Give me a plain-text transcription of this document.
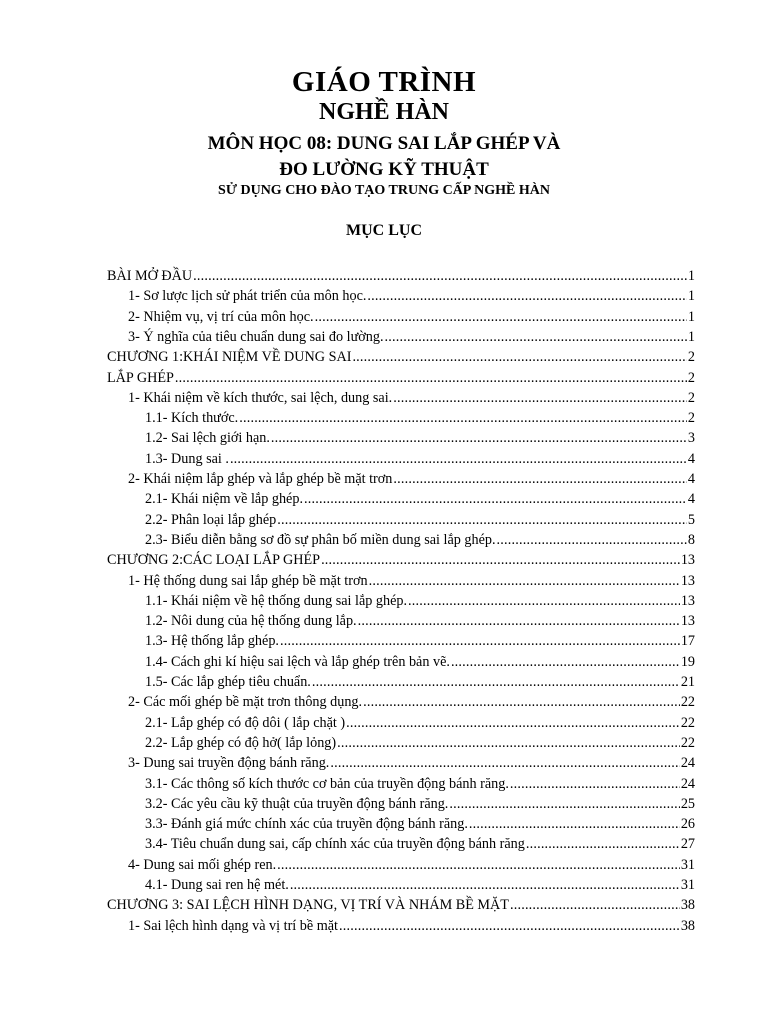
GIÁO TRÌNH
NGHỀ HÀN
MÔN HỌC 08: DUNG SAI LẮP GHÉP VÀ
ĐO LƯỜNG KỸ THUẬT
SỬ DỤNG CHO ĐÀO TẠO TRUNG CẤP NGHỀ HÀN
MỤC LỤC
BÀI MỞ ĐẦU .....	1
1- Sơ lược lịch sử phát triển của môn học. .....	1
2- Nhiệm vụ, vị trí của môn học. .....	1
3- Ý nghĩa của tiêu chuẩn dung sai đo lường. .....	1
CHƯƠNG 1:KHÁI NIỆM VỀ DUNG SAI .....	2
LẮP GHÉP .....	2
1- Khái niệm về kích thước, sai lệch, dung sai. .....	2
1.1- Kích thước. .....	2
1.2- Sai lệch giới hạn. .....	3
1.3- Dung sai . .....	4
2- Khái niệm lắp ghép và lắp ghép bề mặt trơn .....	4
2.1- Khái niệm về lắp ghép. .....	4
2.2- Phân loại lắp ghép .....	5
2.3- Biểu diễn bằng sơ đồ sự phân bố miền dung sai lắp ghép. .....	8
CHƯƠNG 2:CÁC LOẠI LẮP GHÉP .....	13
1- Hệ thống dung sai lắp ghép bề mặt trơn .....	13
1.1- Khái niệm về hệ thống dung sai lắp ghép. .....	13
1.2- Nôi dung của hệ thống dung lắp. .....	13
1.3- Hệ thống lắp ghép. .....	17
1.4- Cách ghi kí hiệu sai lệch và lắp ghép trên bản vẽ. .....	19
1.5- Các lắp ghép tiêu chuẩn. .....	21
2- Các mối ghép bề mặt trơn thông dụng. .....	22
2.1- Lắp ghép có độ dôi ( lắp chặt ) .....	22
2.2- Lắp ghép có độ hở( lắp lỏng) .....	22
3- Dung sai truyền động bánh răng. .....	24
3.1- Các thông số kích thước cơ bản của truyền động bánh răng. .....	24
3.2- Các yêu cầu kỹ thuật của truyền động bánh răng. .....	25
3.3- Đánh giá mức chính xác của truyền động bánh răng. .....	26
3.4- Tiêu chuẩn dung sai, cấp chính xác của truyền động bánh răng .....	27
4- Dung sai mối ghép ren. .....	31
4.1- Dung sai ren hệ mét. .....	31
CHƯƠNG 3: SAI LỆCH HÌNH DẠNG, VỊ TRÍ VÀ NHÁM BỀ MẶT .....	38
1- Sai lệch hình dạng và vị trí bề mặt .....	38
